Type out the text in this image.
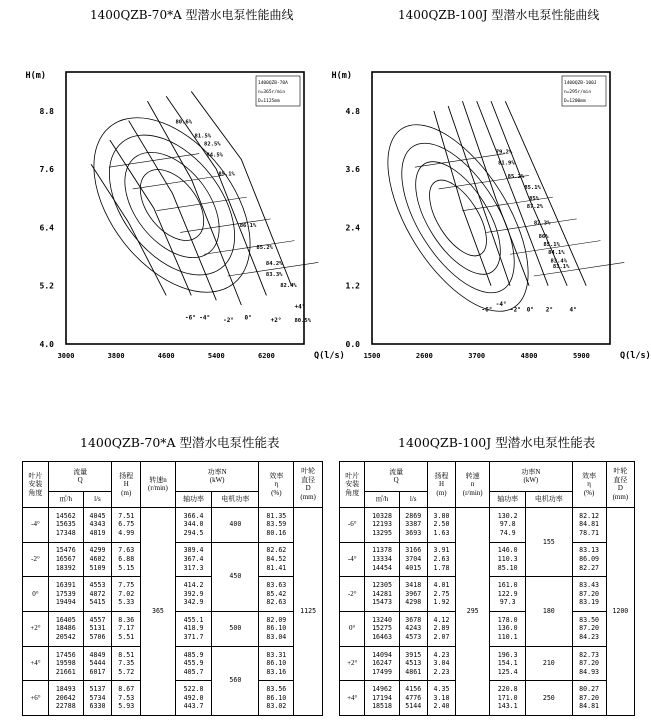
1400QZB-70*A 型潜水电泵性能曲线	1400QZB-100J 型潜水电泵性能曲线
1400QZB-70A
n=365r/min
D=1125mm
8.8
7.6
6.4
5.2
4.0
H(m)
3000	3800	4600	5400	6200	Q(l/s)
80.6%
81.5%
82.5%
84.5%
85.1%
86.1%
85.2%
84.2%
83.3%
82.4%
80.5%
-6° -4° -2° 0°	+2°
+4°
1400QZB-100J
n=295r/min
D=1200mm
4.8
3.6
2.4
1.2
0.0
H(m)
1500	2600	3700	4800	5900	Q(l/s)
79.2%
81.9%
85.2%
85.1%
85%
87.2%
87.3%
86%
85.1%
84.1%
83.4%
83.1%
-6°
-4°
-2° 0° 2°	4°
1400QZB-70*A 型潜水电泵性能表	1400QZB-100J 型潜水电泵性能表
叶片
安装
角度	流量
Q		扬程
H
(m)	转速n
(r/min)	功率N
(kW)		效率
η
(%)	叶轮
直径
D
(mm)
	㎥/h	l/s			轴功率	电机功率		
-4°	14562
15635
17348	4045
4343
4819	7.51
6.75
4.99	365	366.4
344.0
294.5	400	81.35
83.59
80.16	1125
-2°	15476
16567
18392	4299
4602
5109	7.63
6.88
5.15		389.4
367.4
317.3	450	82.62
84.52
81.41	
0°	16391
17539
19494	4553
4872
5415	7.75
7.02
5.33		414.2
392.9
342.9		83.63
85.42
82.63	
+2°	16405
18486
20542	4557
5131
5706	8.36
7.17
5.51		455.1
418.9
371.7	500	82.09
86.10
83.04	
+4°	17456
19598
21661	4849
5444
6017	8.51
7.35
5.72		485.9
455.9
405.7	560	83.31
86.10
83.16	
+6°	18493
20642
22788	5137
5734
6330	8.67
7.53
5.93		522.8
492.0
443.7		83.56
86.10
83.02	
叶片
安装
角度	流量
Q		扬程
H
(m)	转速
n
(r/min)	功率N
(kW)		效率
η
(%)	叶轮
直径
D
(mm)
	㎥/h	l/s			轴功率	电机功率		
-6°	10328
12193
13295	2869
3387
3693	3.80
2.50
1.63	295	130.2
97.8
74.9	155	82.12
84.81
78.71	1200
-4°	11378
13334
14454	3166
3704
4015	3.91
2.63
1.78		146.0
110.3
85.10		83.13
86.09
82.27	
-2°	12305
14281
15473	3418
3967
4298	4.01
2.75
1.92		161.0
122.9
97.3	180	83.43
87.20
83.19	
0°	13240
15275
16463	3678
4243
4573	4.12
2.89
2.07		178.0
136.0
110.1		83.50
87.20
84.23	
+2°	14094
16247
17499	3915
4513
4861	4.23
3.04
2.23		196.3
154.1
125.4	210	82.73
87.20
84.93	
+4°	14962
17194
18518	4156
4776
5144	4.35
3.18
2.40		220.8
171.0
143.1	250	80.27
87.20
84.81	
